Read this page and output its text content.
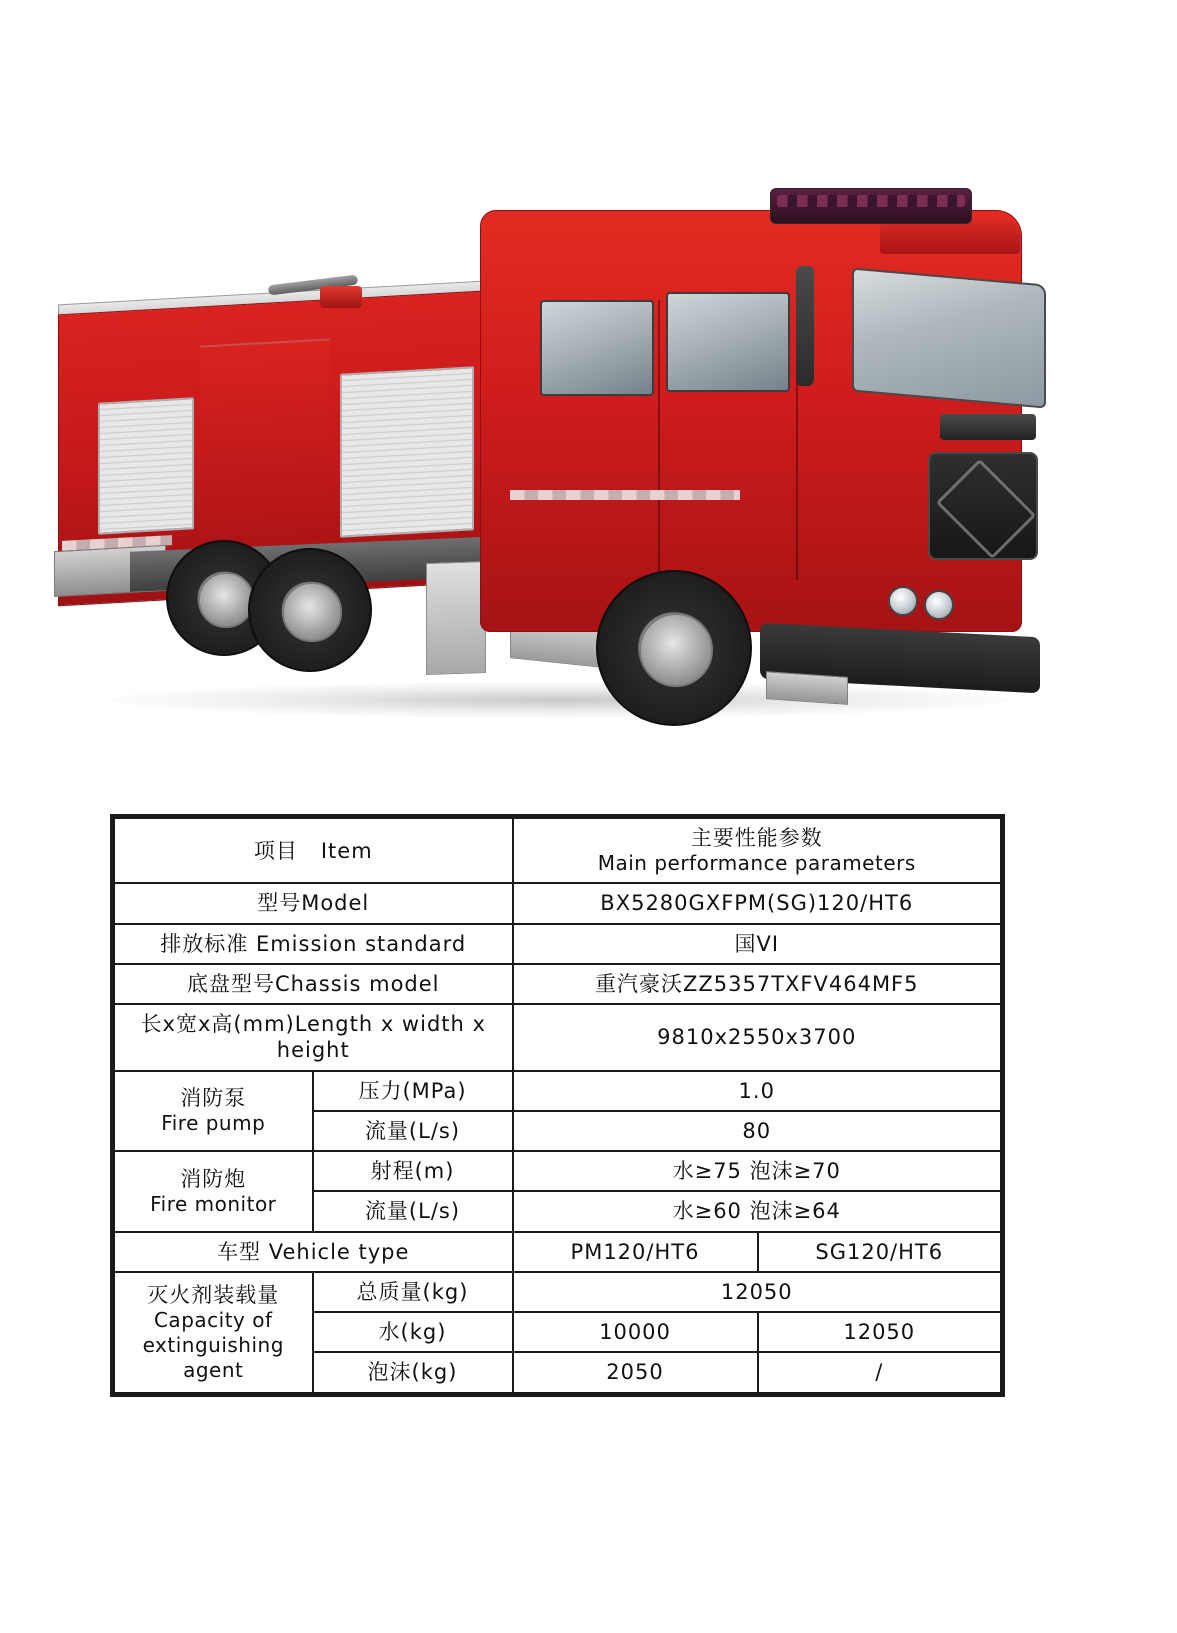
项目 Item		主要性能参数
Main performance parameters	

型号Model		BX5280GXFPM(SG)120/HT6	
排放标准 Emission standard		国VI	
底盘型号Chassis model		重汽豪沃ZZ5357TXFV464MF5	
长x宽x高(mm)Length x width x height		9810x2550x3700	

消防泵
Fire pump	压力(MPa)	1.0	
	流量(L/s)	80	

消防炮
Fire monitor	射程(m)	水≥75 泡沫≥70	
	流量(L/s)	水≥60 泡沫≥64	
车型 Vehicle type		PM120/HT6	SG120/HT6

灭火剂装载量
Capacity of
extinguishing agent	总质量(kg)	12050	
	水(kg)	10000	12050
	泡沫(kg)	2050	/
